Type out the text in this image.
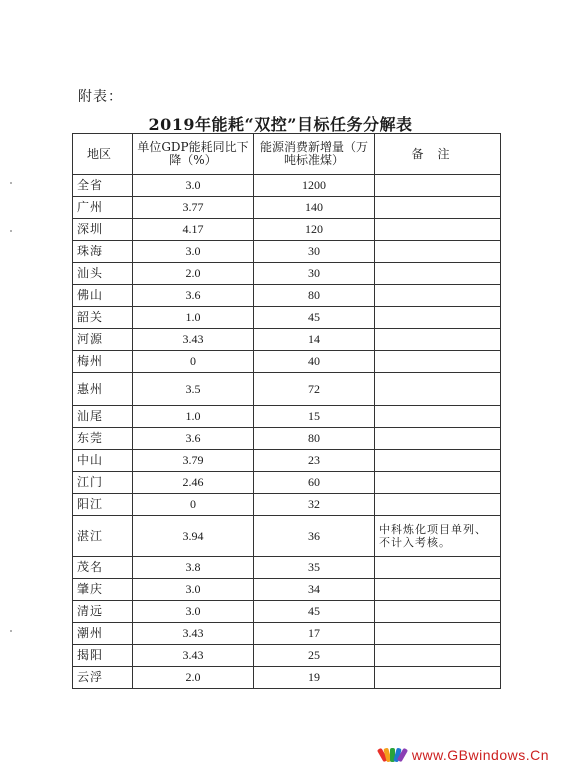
附表：
2019年能耗“双控”目标任务分解表
地区	单位GDP能耗同比下降（%）	能源消费新增量（万吨标准煤）	备注
全省	3.0	1200	
广州	3.77	140	
深圳	4.17	120	
珠海	3.0	30	
汕头	2.0	30	
佛山	3.6	80	
韶关	1.0	45	
河源	3.43	14	
梅州	0	40	
惠州	3.5	72	
汕尾	1.0	15	
东莞	3.6	80	
中山	3.79	23	
江门	2.46	60	
阳江	0	32	
湛江	3.94	36	中科炼化项目单列、不计入考核。
茂名	3.8	35	
肇庆	3.0	34	
清远	3.0	45	
潮州	3.43	17	
揭阳	3.43	25	
云浮	2.0	19	
www.GBwindows.Cn
